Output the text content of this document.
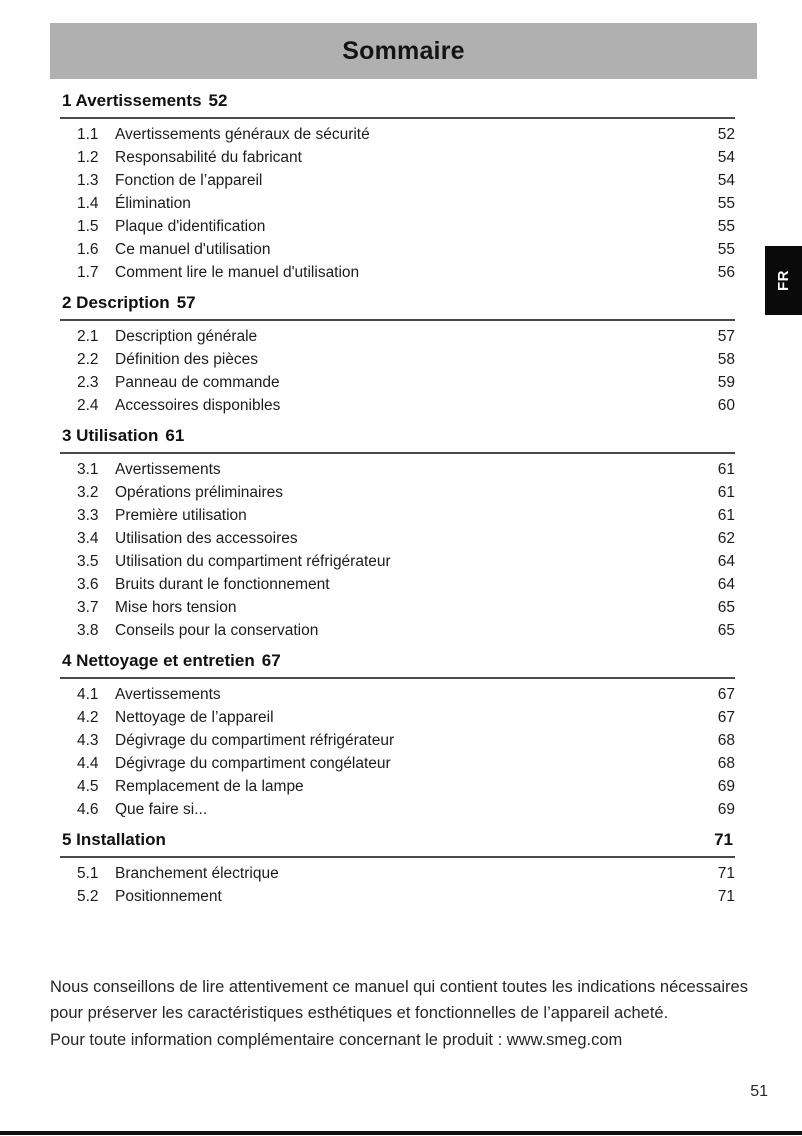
Sommaire
1 Avertissements 52
1.1	Avertissements généraux de sécurité	52
1.2	Responsabilité du fabricant	54
1.3	Fonction de l’appareil	54
1.4	Élimination	55
1.5	Plaque d'identification	55
1.6	Ce manuel d'utilisation	55
1.7	Comment lire le manuel d'utilisation	56
2 Description 57
2.1	Description générale	57
2.2	Définition des pièces	58
2.3	Panneau de commande	59
2.4	Accessoires disponibles	60
3 Utilisation 61
3.1	Avertissements	61
3.2	Opérations préliminaires	61
3.3	Première utilisation	61
3.4	Utilisation des accessoires	62
3.5	Utilisation du compartiment réfrigérateur	64
3.6	Bruits durant le fonctionnement	64
3.7	Mise hors tension	65
3.8	Conseils pour la conservation	65
4 Nettoyage et entretien 67
4.1	Avertissements	67
4.2	Nettoyage de l’appareil	67
4.3	Dégivrage du compartiment réfrigérateur	68
4.4	Dégivrage du compartiment congélateur	68
4.5	Remplacement de la lampe	69
4.6	Que faire si...	69
5 Installation	71
5.1	Branchement électrique	71
5.2	Positionnement	71

Nous conseillons de lire attentivement ce manuel qui contient toutes les indications nécessaires pour préserver les caractéristiques esthétiques et fonctionnelles de l’appareil acheté.

Pour toute information complémentaire concernant le produit : www.smeg.com

FR
51
